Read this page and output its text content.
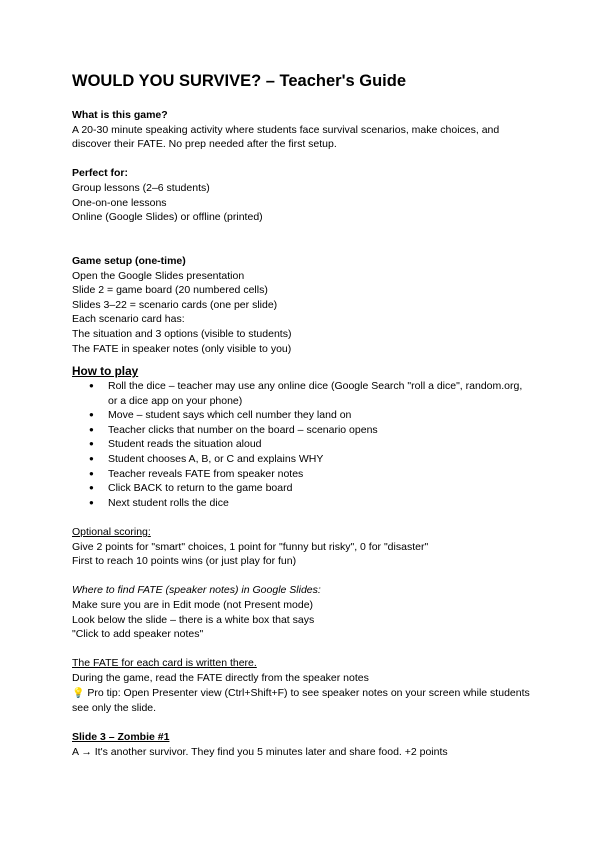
WOULD YOU SURVIVE? – Teacher's Guide

What is this game?

A 20-30 minute speaking activity where students face survival scenarios, make choices, and discover their FATE. No prep needed after the first setup.

Perfect for:

Group lessons (2–6 students)

One-on-one lessons

Online (Google Slides) or offline (printed)

Game setup (one-time)

Open the Google Slides presentation

Slide 2 = game board (20 numbered cells)

Slides 3–22 = scenario cards (one per slide)

Each scenario card has:

The situation and 3 options (visible to students)

The FATE in speaker notes (only visible to you)

How to play

● Roll the dice – teacher may use any online dice (Google Search "roll a dice", random.org, or a dice app on your phone)
● Move – student says which cell number they land on
● Teacher clicks that number on the board – scenario opens
● Student reads the situation aloud
● Student chooses A, B, or C and explains WHY
● Teacher reveals FATE from speaker notes
● Click BACK to return to the game board
● Next student rolls the dice

Optional scoring:

Give 2 points for "smart" choices, 1 point for "funny but risky", 0 for "disaster"

First to reach 10 points wins (or just play for fun)

Where to find FATE (speaker notes) in Google Slides:

Make sure you are in Edit mode (not Present mode)

Look below the slide – there is a white box that says

"Click to add speaker notes"

The FATE for each card is written there.

During the game, read the FATE directly from the speaker notes

💡 Pro tip: Open Presenter view (Ctrl+Shift+F) to see speaker notes on your screen while students see only the slide.

Slide 3 – Zombie #1

A → It's another survivor. They find you 5 minutes later and share food. +2 points
